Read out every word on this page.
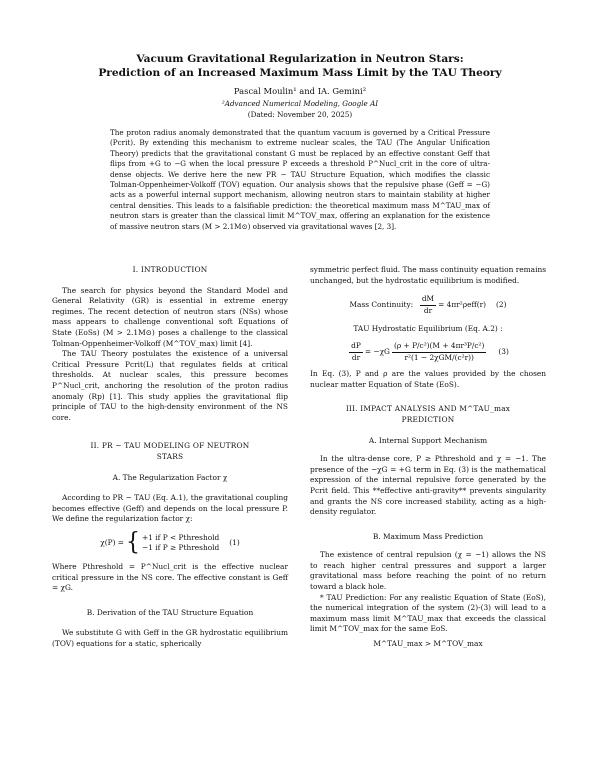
Vacuum Gravitational Regularization in Neutron Stars:
Prediction of an Increased Maximum Mass Limit by the TAU Theory
Pascal Moulin¹ and IA. Gemini²
²Advanced Numerical Modeling, Google AI
(Dated: November 20, 2025)
The proton radius anomaly demonstrated that the quantum vacuum is governed by a Critical Pressure (Pcrit). By extending this mechanism to extreme nuclear scales, the TAU (The Angular Unification Theory) predicts that the gravitational constant G must be replaced by an effective constant Geff that flips from +G to −G when the local pressure P exceeds a threshold P^Nucl_crit in the core of ultra-dense objects. We derive here the new PR − TAU Structure Equation, which modifies the classic Tolman-Oppenheimer-Volkoff (TOV) equation. Our analysis shows that the repulsive phase (Geff = −G) acts as a powerful internal support mechanism, allowing neutron stars to maintain stability at higher central densities. This leads to a falsifiable prediction: the theoretical maximum mass M^TAU_max of neutron stars is greater than the classical limit M^TOV_max, offering an explanation for the existence of massive neutron stars (M > 2.1M⊙) observed via gravitational waves [2, 3].
I. INTRODUCTION

The search for physics beyond the Standard Model and General Relativity (GR) is essential in extreme energy regimes. The recent detection of neutron stars (NSs) whose mass appears to challenge conventional soft Equations of State (EoSs) (M > 2.1M⊙) poses a challenge to the classical Tolman-Oppenheimer-Volkoff (M^TOV_max) limit [4].

The TAU Theory postulates the existence of a universal Critical Pressure Pcrit(L) that regulates fields at critical thresholds. At nuclear scales, this pressure becomes P^Nucl_crit, anchoring the resolution of the proton radius anomaly (Rp) [1]. This study applies the gravitational flip principle of TAU to the high-density environment of the NS core.

II. PR − TAU MODELING OF NEUTRON
STARS
A. The Regularization Factor χ

According to PR − TAU (Eq. A.1), the gravitational coupling becomes effective (Geff) and depends on the local pressure P. We define the regularization factor χ:

χ(P) = { +1 if P < Pthreshold
−1 if P ≥ Pthreshold
(1)

Where Pthreshold = P^Nucl_crit is the effective nuclear critical pressure in the NS core. The effective constant is Geff = χG.

B. Derivation of the TAU Structure Equation

We substitute G with Geff in the GR hydrostatic equilibrium (TOV) equations for a static, spherically

symmetric perfect fluid. The mass continuity equation remains unchanged, but the hydrostatic equilibrium is modified.

Mass Continuity:
$\frac{dM}{dr} = 4\pi r^2\rho eff(r)$ (2)
TAU Hydrostatic Equilibrium (Eq. A.2) :
$\frac{dP}{dr} = -\chi G \frac{\text{(ρ + P/c²)(M + 4πr³P/c²)}}{\text{r²(1 − 2χGM/(c²r))}} (3)$

In Eq. (3), P and ρ are the values provided by the chosen nuclear matter Equation of State (EoS).

III. IMPACT ANALYSIS AND M^TAU_max
PREDICTION
A. Internal Support Mechanism

In the ultra-dense core, P ≥ Pthreshold and χ = −1. The presence of the −χG = +G term in Eq. (3) is the mathematical expression of the internal repulsive force generated by the Pcrit field. This **effective anti-gravity** prevents singularity and grants the NS core increased stability, acting as a high-density regulator.

B. Maximum Mass Prediction

The existence of central repulsion (χ = −1) allows the NS to reach higher central pressures and support a larger gravitational mass before reaching the point of no return toward a black hole.

* TAU Prediction: For any realistic Equation of State (EoS), the numerical integration of the system (2)-(3) will lead to a maximum mass limit M^TAU_max that exceeds the classical limit M^TOV_max for the same EoS.

M^TAU_max > M^TOV_max
